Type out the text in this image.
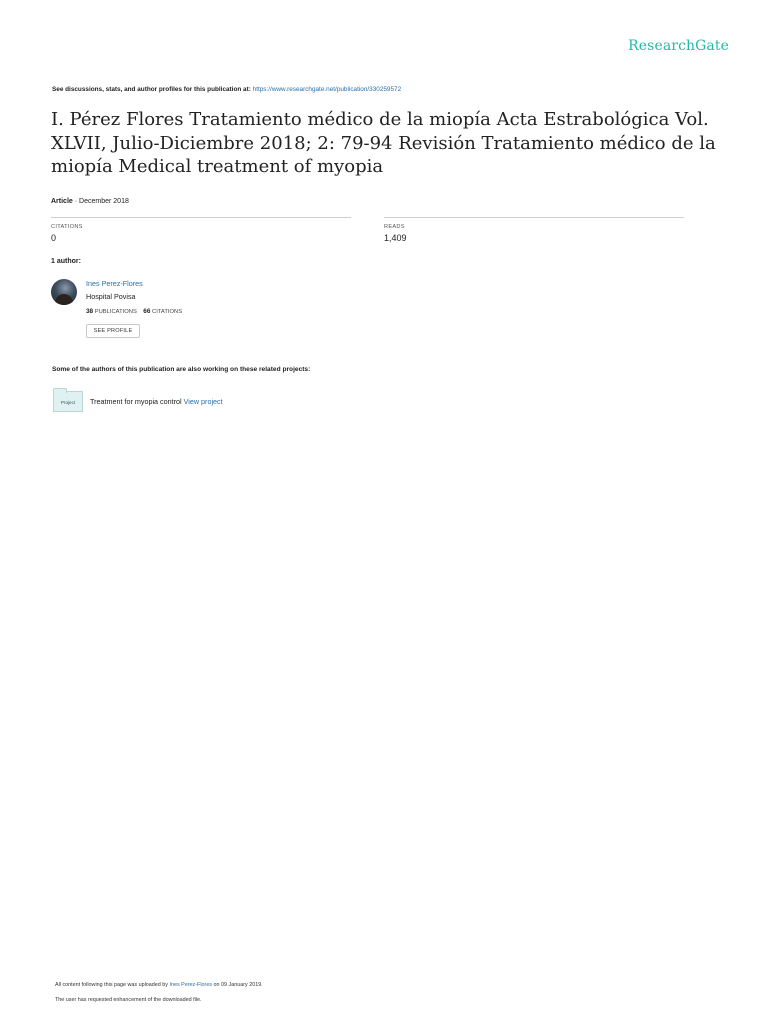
ResearchGate
See discussions, stats, and author profiles for this publication at: https://www.researchgate.net/publication/330259572
I. Pérez Flores Tratamiento médico de la miopía Acta Estrabológica Vol. XLVII, Julio-Diciembre 2018; 2: 79-94 Revisión Tratamiento médico de la miopía Medical treatment of myopia
Article · December 2018
CITATIONS
0
READS
1,409
1 author:
Ines Perez-Flores
Hospital Povisa
38 PUBLICATIONS 66 CITATIONS
SEE PROFILE
Some of the authors of this publication are also working on these related projects:
Project	Treatment for myopia control View project
All content following this page was uploaded by Ines Perez-Flores on 09 January 2019.
The user has requested enhancement of the downloaded file.
